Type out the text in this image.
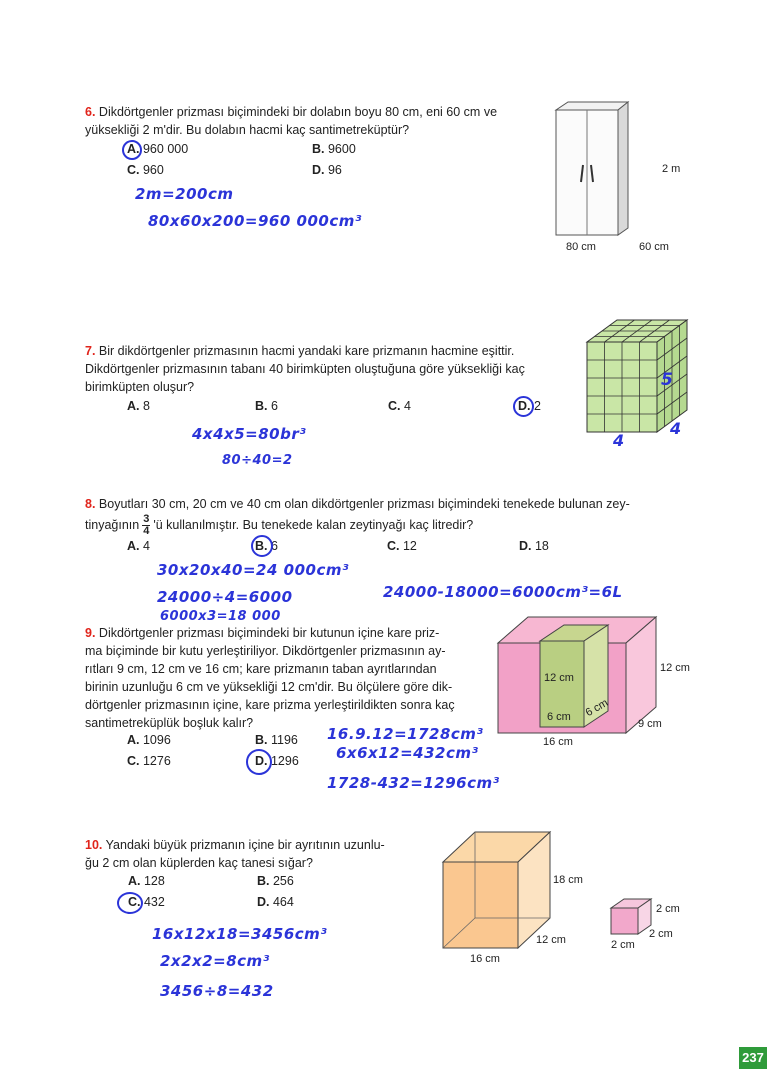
6. Dikdörtgenler prizması biçimindeki bir dolabın boyu 80 cm, eni 60 cm ve
yüksekliği 2 m'dir. Bu dolabın hacmi kaç santimetreküptür?
A. 960 000	B. 9600
C. 960	D. 96
2m=200cm
80x60x200=960 000cm³
2 m
80 cm	60 cm
7. Bir dikdörtgenler prizmasının hacmi yandaki kare prizmanın hacmine eşittir.
Dikdörtgenler prizmasının tabanı 40 birimküpten oluştuğuna göre yüksekliği kaç
birimküpten oluşur?
A. 8	B. 6	C. 4	D. 2
4x4x5=80br³
80÷40=2
5
4
4
8. Boyutları 30 cm, 20 cm ve 40 cm olan dikdörtgenler prizması biçimindeki tenekede bulunan zey-
tinyağının 3
4 'ü kullanılmıştır. Bu tenekede kalan zeytinyağı kaç litredir?
A. 4	B. 6	C. 12	D. 18
30x20x40=24 000cm³
24000÷4=6000
6000x3=18 000
24000-18000=6000cm³=6L
9. Dikdörtgenler prizması biçimindeki bir kutunun içine kare priz-
ma biçiminde bir kutu yerleştiriliyor. Dikdörtgenler prizmasının ay-
rıtları 9 cm, 12 cm ve 16 cm; kare prizmanın taban ayrıtlarından
birinin uzunluğu 6 cm ve yüksekliği 12 cm'dir. Bu ölçülere göre dik-
dörtgenler prizmasının içine, kare prizma yerleştirildikten sonra kaç
santimetreküplük boşluk kalır?
A. 1096	B. 1196
C. 1276	D. 1296
16.9.12=1728cm³
6x6x12=432cm³
1728-432=1296cm³
12 cm
6 cm 6 cm
12 cm
9 cm
16 cm
10. Yandaki büyük prizmanın içine bir ayrıtının uzunlu-
ğu 2 cm olan küplerden kaç tanesi sığar?
A. 128	B. 256
C. 432	D. 464
16x12x18=3456cm³
2x2x2=8cm³
3456÷8=432
18 cm
12 cm
16 cm
2 cm
2 cm
2 cm
237
